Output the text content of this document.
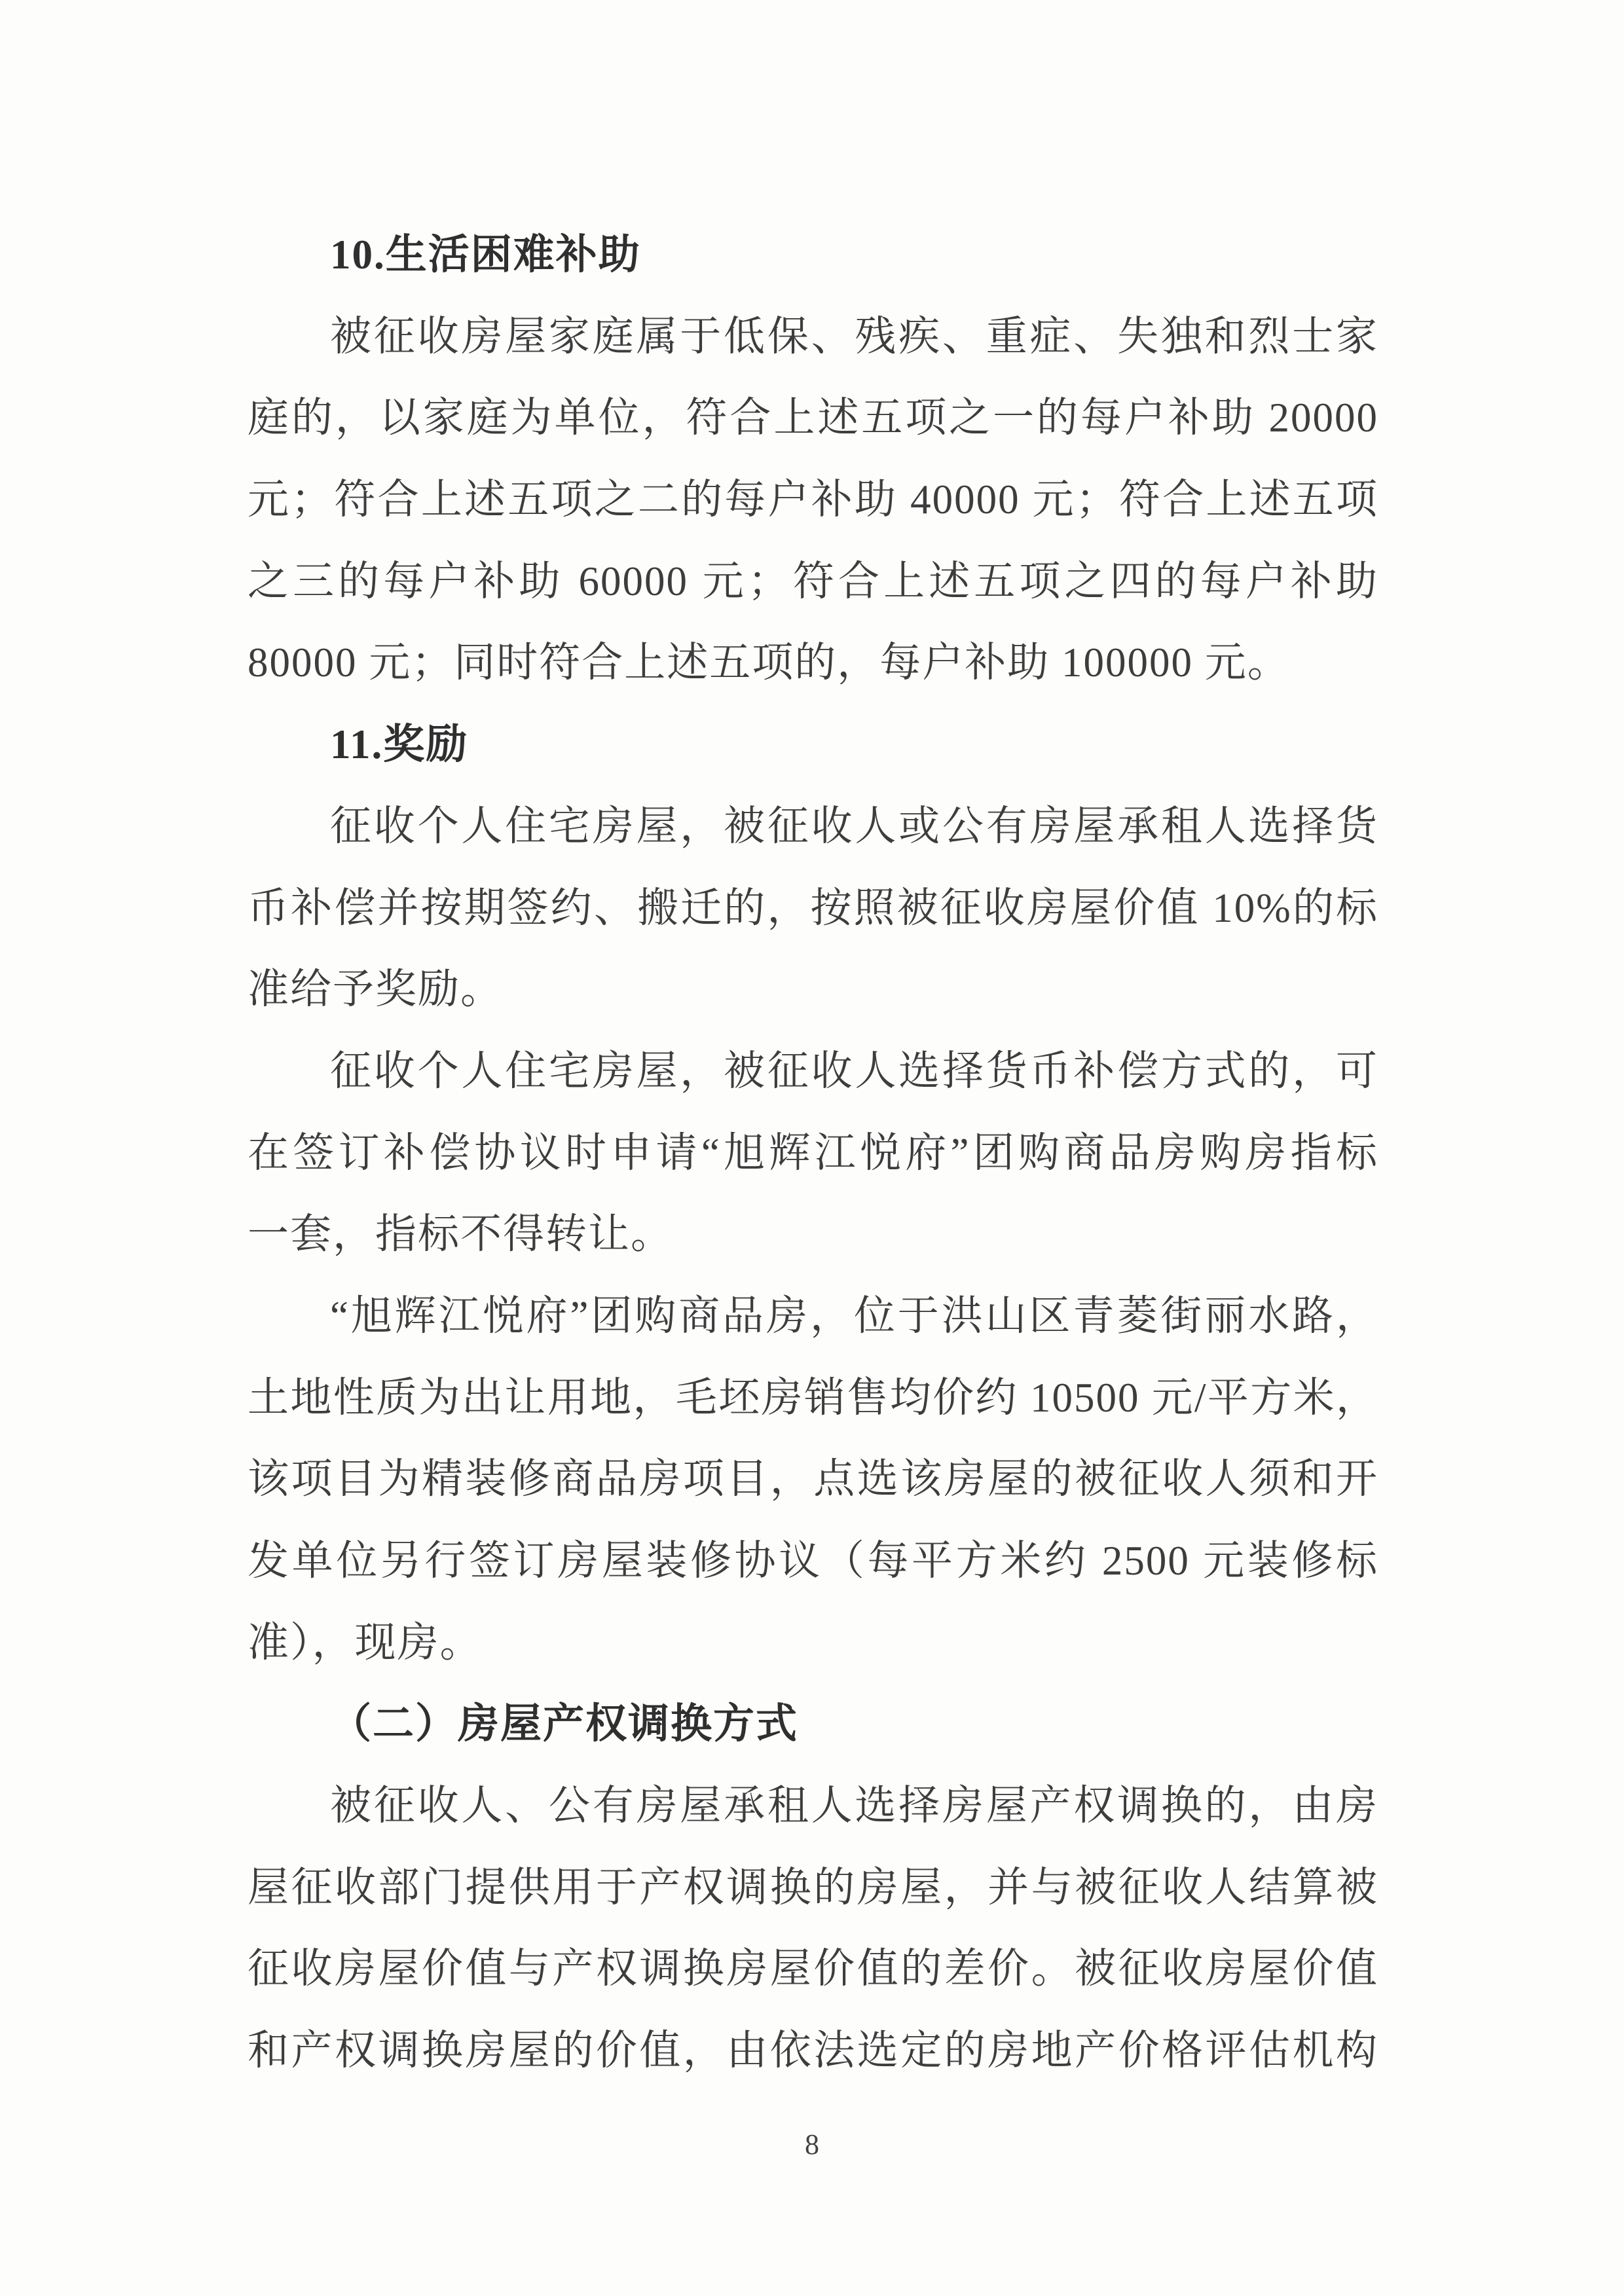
10.生活困难补助
被征收房屋家庭属于低保、残疾、重症、失独和烈士家
庭的，以家庭为单位，符合上述五项之一的每户补助 20000
元；符合上述五项之二的每户补助 40000 元；符合上述五项
之三的每户补助 60000 元；符合上述五项之四的每户补助
80000 元；同时符合上述五项的，每户补助 100000 元。
11.奖励
征收个人住宅房屋，被征收人或公有房屋承租人选择货
币补偿并按期签约、搬迁的，按照被征收房屋价值 10%的标
准给予奖励。
征收个人住宅房屋，被征收人选择货币补偿方式的，可
在签订补偿协议时申请“旭辉江悦府”团购商品房购房指标
一套，指标不得转让。
“旭辉江悦府”团购商品房，位于洪山区青菱街丽水路，
土地性质为出让用地，毛坯房销售均价约 10500 元/平方米，
该项目为精装修商品房项目，点选该房屋的被征收人须和开
发单位另行签订房屋装修协议（每平方米约 2500 元装修标
准），现房。
（二）房屋产权调换方式
被征收人、公有房屋承租人选择房屋产权调换的，由房
屋征收部门提供用于产权调换的房屋，并与被征收人结算被
征收房屋价值与产权调换房屋价值的差价。被征收房屋价值
和产权调换房屋的价值，由依法选定的房地产价格评估机构
8
